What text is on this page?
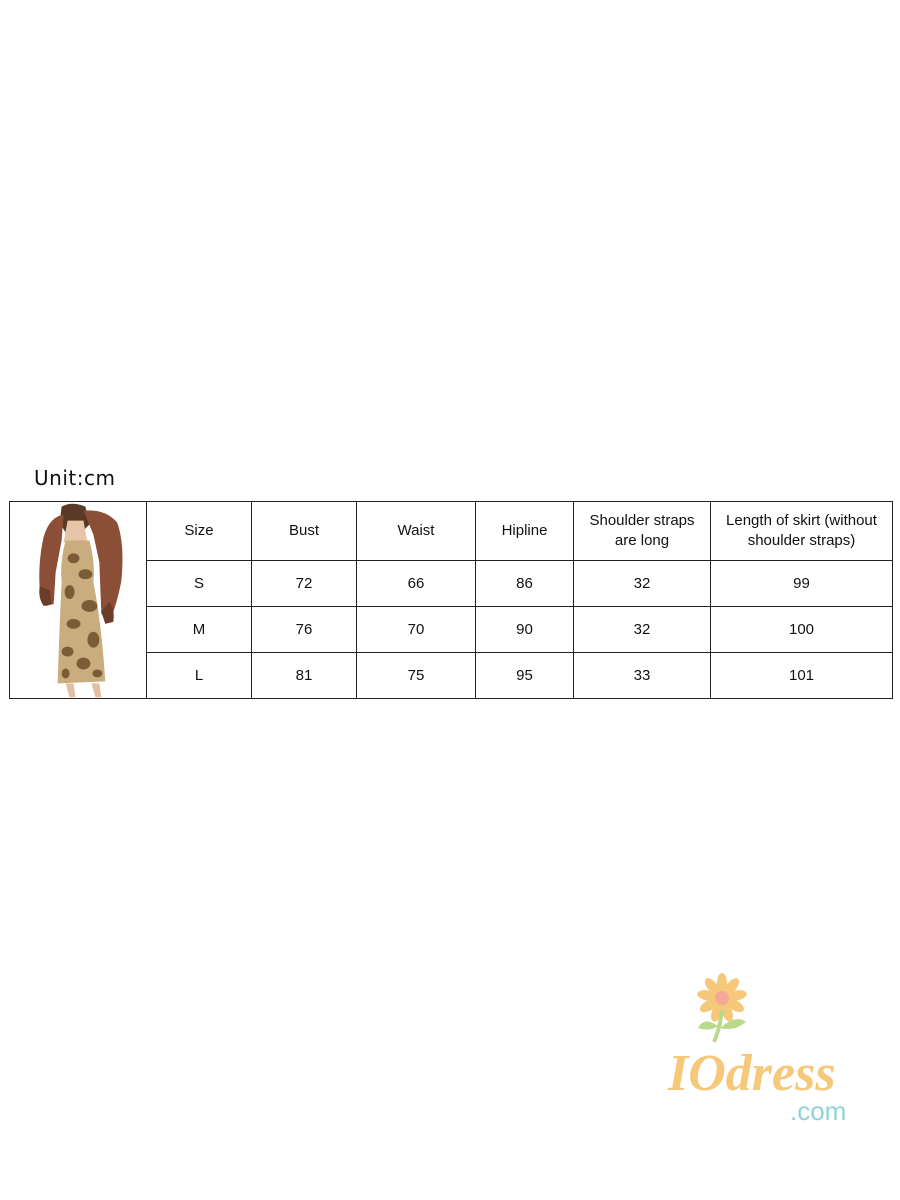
Unit:cm
	Size	Bust	Waist	Hipline	Shoulder straps are long	Length of skirt (without shoulder straps)
	S	72	66	86	32	99
	M	76	70	90	32	100
	L	81	75	95	33	101
IOdress
.com
